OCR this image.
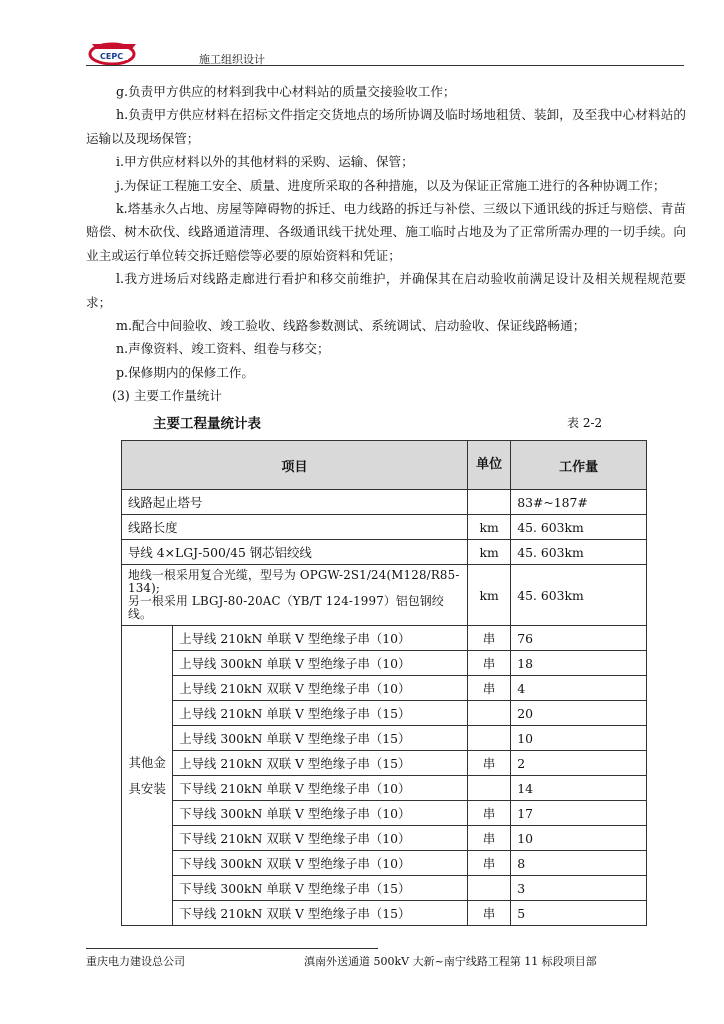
CEPC	施工组织设计

g.负责甲方供应的材料到我中心材料站的质量交接验收工作；

h.负责甲方供应材料在招标文件指定交货地点的场所协调及临时场地租赁、装卸，及至我中心材料站的运输以及现场保管；

i.甲方供应材料以外的其他材料的采购、运输、保管；

j.为保证工程施工安全、质量、进度所采取的各种措施，以及为保证正常施工进行的各种协调工作；

k.塔基永久占地、房屋等障碍物的拆迁、电力线路的拆迁与补偿、三级以下通讯线的拆迁与赔偿、青苗赔偿、树木砍伐、线路通道清理、各级通讯线干扰处理、施工临时占地及为了正常所需办理的一切手续。向业主或运行单位转交拆迁赔偿等必要的原始资料和凭证；

l.我方进场后对线路走廊进行看护和移交前维护，并确保其在启动验收前满足设计及相关规程规范要求；

m.配合中间验收、竣工验收、线路参数测试、系统调试、启动验收、保证线路畅通；

n.声像资料、竣工资料、组卷与移交；

p.保修期内的保修工作。

(3) 主要工作量统计

主要工程量统计表	表 2-2
项目		单位	工作量
线路起止塔号			83#~187#
线路长度		km	45. 603km
导线 4×LGJ-500/45 钢芯铝绞线		km	45. 603km
地线一根采用复合光缆，型号为 OPGW-2S1/24(M128/R85-134);
另一根采用 LBGJ-80-20AC（YB/T 124-1997）铝包钢绞线。		km	45. 603km
其他金具安装	上导线 210kN 单联 V 型绝缘子串（10）	串	76
	上导线 300kN 单联 V 型绝缘子串（10）	串	18
	上导线 210kN 双联 V 型绝缘子串（10）	串	4
	上导线 210kN 单联 V 型绝缘子串（15）		20
	上导线 300kN 单联 V 型绝缘子串（15）		10
	上导线 210kN 双联 V 型绝缘子串（15）	串	2
	下导线 210kN 单联 V 型绝缘子串（10）		14
	下导线 300kN 单联 V 型绝缘子串（10）	串	17
	下导线 210kN 双联 V 型绝缘子串（10）	串	10
	下导线 300kN 双联 V 型绝缘子串（10）	串	8
	下导线 300kN 单联 V 型绝缘子串（15）		3
	下导线 210kN 双联 V 型绝缘子串（15）	串	5
重庆电力建设总公司	滇南外送通道 500kV 大新~南宁线路工程第 11 标段项目部
